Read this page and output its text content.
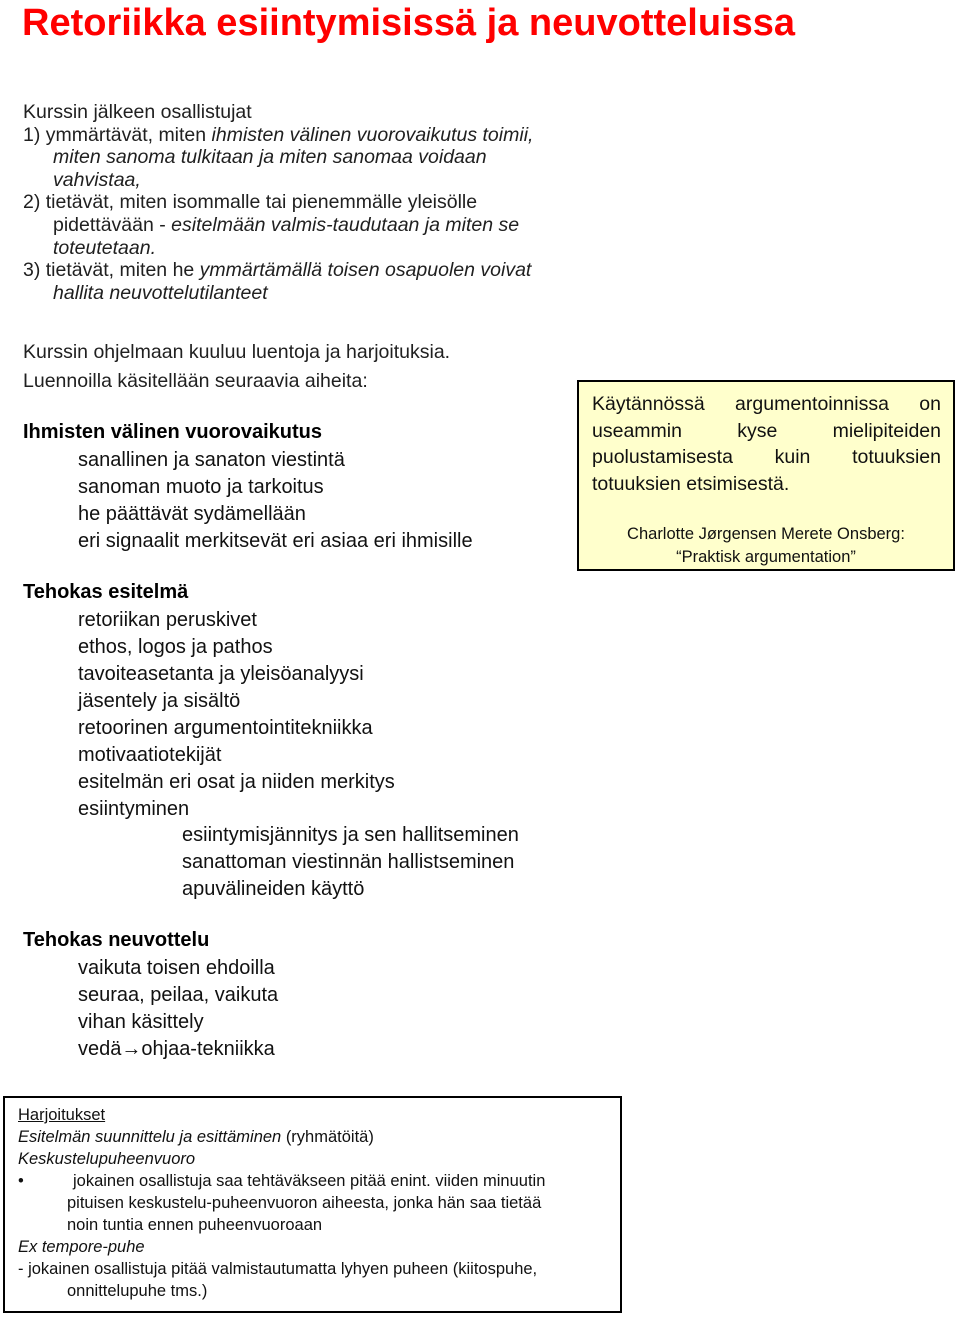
Retoriikka esiintymisissä ja neuvotteluissa
Kurssin jälkeen osallistujat
1) ymmärtävät, miten ihmisten välinen vuorovaikutus toimii,
miten sanoma tulkitaan ja miten sanomaa voidaan
vahvistaa,
2) tietävät, miten isommalle tai pienemmälle yleisölle
pidettävään - esitelmään valmis-taudutaan ja miten se
toteutetaan.
3) tietävät, miten he ymmärtämällä toisen osapuolen voivat
hallita neuvottelutilanteet
Kurssin ohjelmaan kuuluu luentoja ja harjoituksia.
Luennoilla käsitellään seuraavia aiheita:
Ihmisten välinen vuorovaikutus
sanallinen ja sanaton viestintä
sanoman muoto ja tarkoitus
he päättävät sydämellään
eri signaalit merkitsevät eri asiaa eri ihmisille
Tehokas esitelmä
retoriikan peruskivet
ethos, logos ja pathos
tavoiteasetanta ja yleisöanalyysi
jäsentely ja sisältö
retoorinen argumentointitekniikka
motivaatiotekijät
esitelmän eri osat ja niiden merkitys
esiintyminen
esiintymisjännitys ja sen hallitseminen
sanattoman viestinnän hallistseminen
apuvälineiden käyttö
Tehokas neuvottelu
vaikuta toisen ehdoilla
seuraa, peilaa, vaikuta
vihan käsittely
vedä→ohjaa-tekniikka
Käytännössä argumentoinnissa on useammin kyse mielipiteiden puolustamisesta kuin totuuksien totuuksien etsimisestä.
Charlotte Jørgensen Merete Onsberg:
“Praktisk argumentation”
Harjoitukset
Esitelmän suunnittelu ja esittäminen (ryhmätöitä)
Keskustelupuheenvuoro
•	jokainen osallistuja saa tehtäväkseen pitää enint. viiden minuutin
pituisen keskustelu-puheenvuoron aiheesta, jonka hän saa tietää
noin tuntia ennen puheenvuoroaan
Ex tempore-puhe
- jokainen osallistuja pitää valmistautumatta lyhyen puheen (kiitospuhe,
onnittelupuhe tms.)
